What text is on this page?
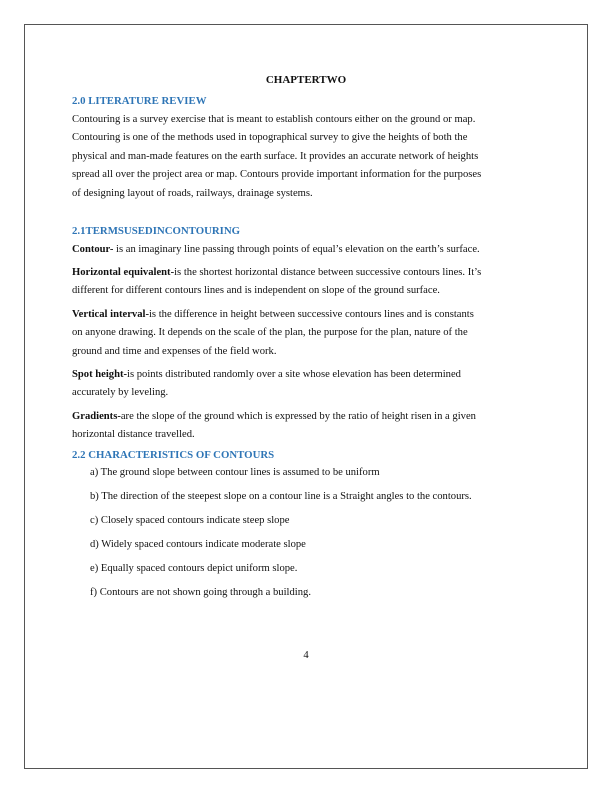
CHAPTERTWO
2.0 LITERATURE REVIEW
Contouring is a survey exercise that is meant to establish contours either on the ground or map.
Contouring is one of the methods used in topographical survey to give the heights of both the
physical and man-made features on the earth surface. It provides an accurate network of heights
spread all over the project area or map. Contours provide important information for the purposes
of designing layout of roads, railways, drainage systems.
2.1TERMSUSEDINCONTOURING
Contour- is an imaginary line passing through points of equal’s elevation on the earth’s surface.
Horizontal equivalent-is the shortest horizontal distance between successive contours lines. It’s
different for different contours lines and is independent on slope of the ground surface.
Vertical interval-is the difference in height between successive contours lines and is constants
on anyone drawing. It depends on the scale of the plan, the purpose for the plan, nature of the
ground and time and expenses of the field work.
Spot height-is points distributed randomly over a site whose elevation has been determined
accurately by leveling.
Gradients-are the slope of the ground which is expressed by the ratio of height risen in a given
horizontal distance travelled.
2.2 CHARACTERISTICS OF CONTOURS
a) The ground slope between contour lines is assumed to be uniform
b) The direction of the steepest slope on a contour line is a Straight angles to the contours.
c) Closely spaced contours indicate steep slope
d) Widely spaced contours indicate moderate slope
e) Equally spaced contours depict uniform slope.
f) Contours are not shown going through a building.
4
